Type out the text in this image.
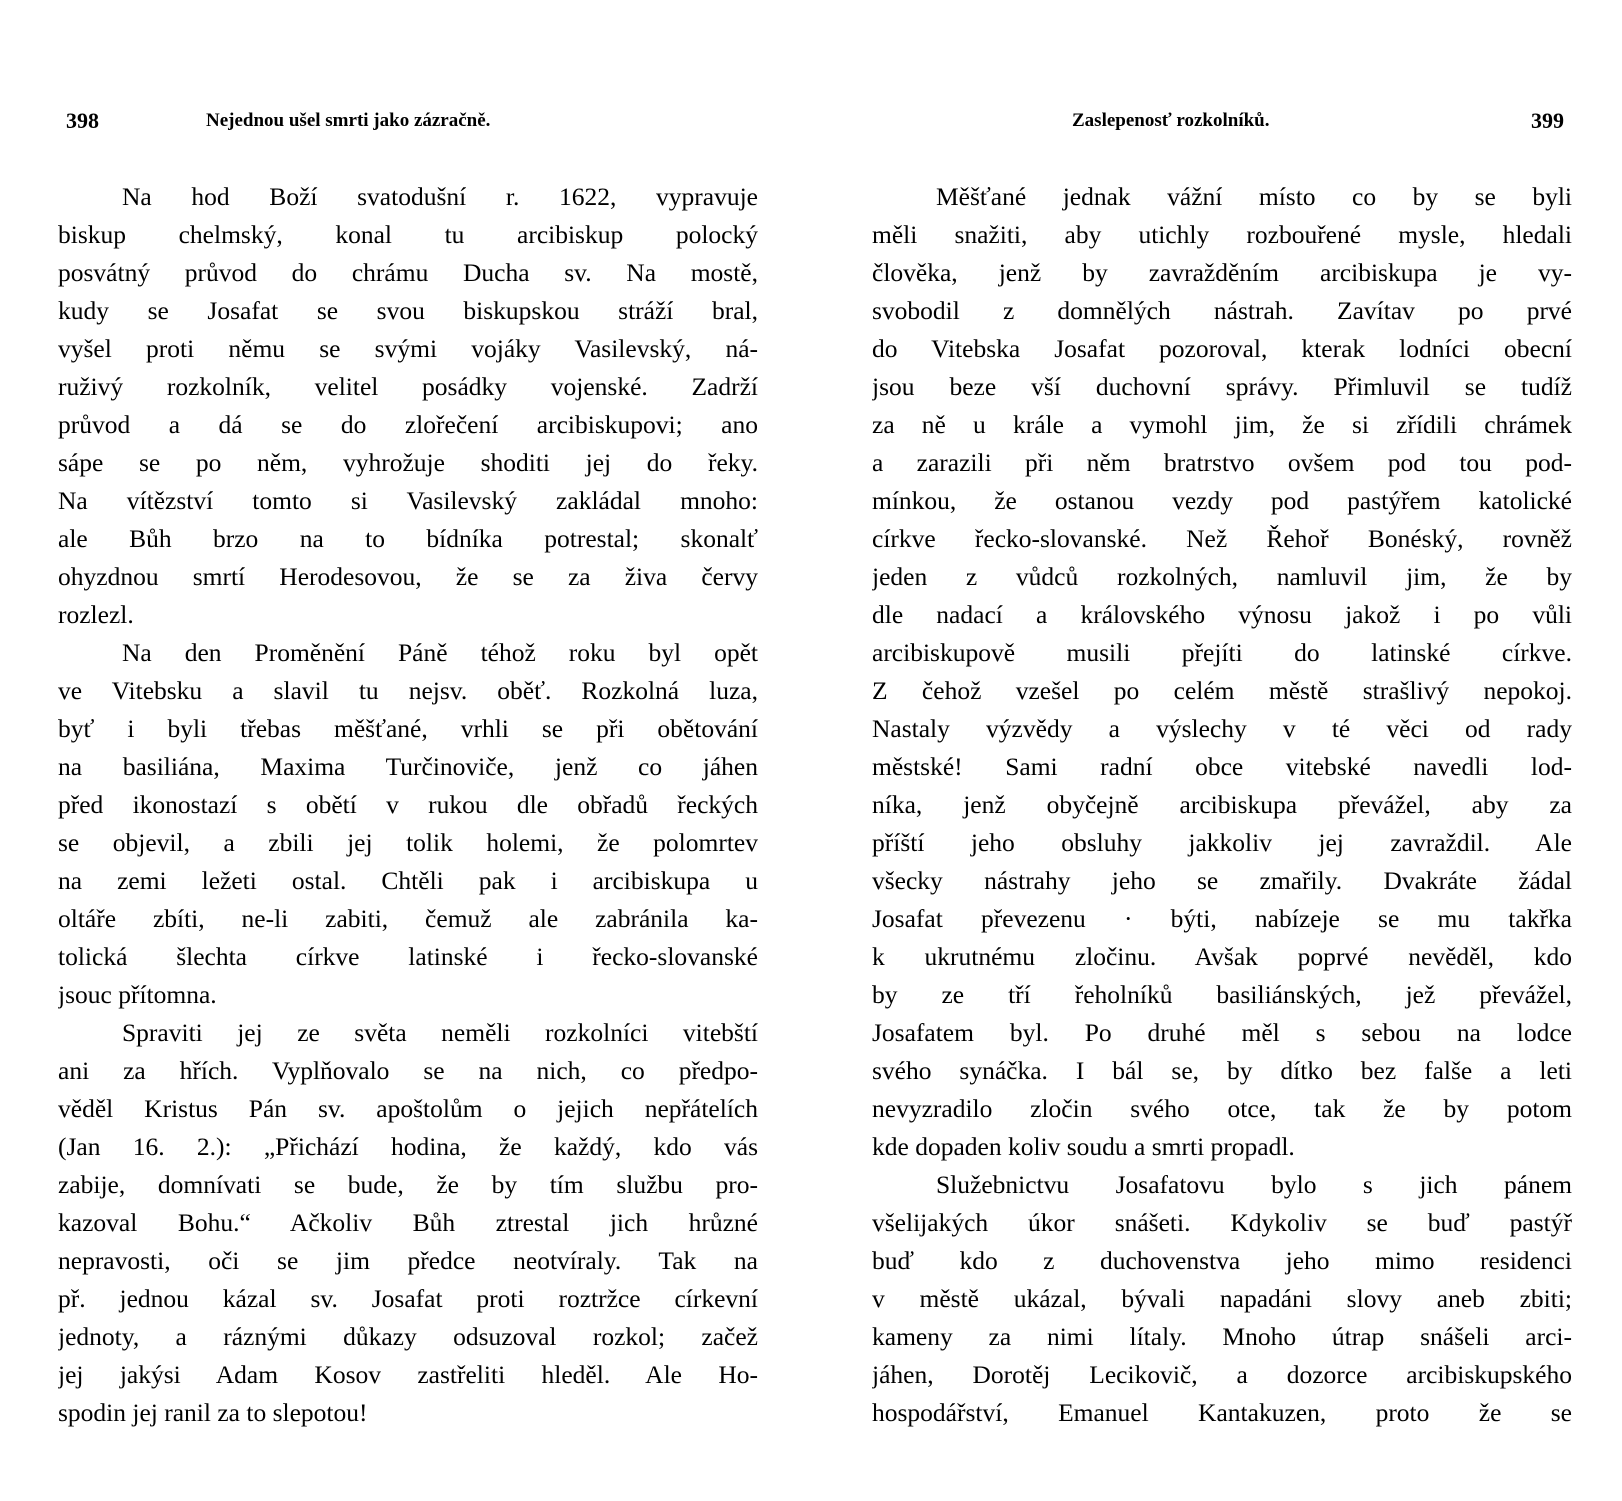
398	Nejednou ušel smrti jako zázračně.
Na hod Boží svatodušní r. 1622, vypravuje
biskup chelmský, konal tu arcibiskup polocký
posvátný průvod do chrámu Ducha sv. Na mostě,
kudy se Josafat se svou biskupskou stráží bral,
vyšel proti němu se svými vojáky Vasilevský, ná-
ruživý rozkolník, velitel posádky vojenské. Zadrží
průvod a dá se do zlořečení arcibiskupovi; ano
sápe se po něm, vyhrožuje shoditi jej do řeky.
Na vítězství tomto si Vasilevský zakládal mnoho:
ale Bůh brzo na to bídníka potrestal; skonalť
ohyzdnou smrtí Herodesovou, že se za živa červy
rozlezl.
Na den Proměnění Páně téhož roku byl opět
ve Vitebsku a slavil tu nejsv. oběť. Rozkolná luza,
byť i byli třebas měšťané, vrhli se při obětování
na basiliána, Maxima Turčinoviče, jenž co jáhen
před ikonostazí s obětí v rukou dle obřadů řeckých
se objevil, a zbili jej tolik holemi, že polomrtev
na zemi ležeti ostal. Chtěli pak i arcibiskupa u
oltáře zbíti, ne-li zabiti, čemuž ale zabránila ka-
tolická šlechta církve latinské i řecko-slovanské
jsouc přítomna.
Spraviti jej ze světa neměli rozkolníci vitebští
ani za hřích. Vyplňovalo se na nich, co předpo-
věděl Kristus Pán sv. apoštolům o jejich nepřátelích
(Jan 16. 2.): „Přichází hodina, že každý, kdo vás
zabije, domnívati se bude, že by tím službu pro-
kazoval Bohu.“ Ačkoliv Bůh ztrestal jich hrůzné
nepravosti, oči se jim předce neotvíraly. Tak na
př. jednou kázal sv. Josafat proti roztržce církevní
jednoty, a ráznými důkazy odsuzoval rozkol; začež
jej jakýsi Adam Kosov zastřeliti hleděl. Ale Ho-
spodin jej ranil za to slepotou!
Zaslepenosť rozkolníků.	399
Měšťané jednak vážní místo co by se byli
měli snažiti, aby utichly rozbouřené mysle, hledali
člověka, jenž by zavražděním arcibiskupa je vy-
svobodil z domnělých nástrah. Zavítav po prvé
do Vitebska Josafat pozoroval, kterak lodníci obecní
jsou beze vší duchovní správy. Přimluvil se tudíž
za ně u krále a vymohl jim, že si zřídili chrámek
a zarazili při něm bratrstvo ovšem pod tou pod-
mínkou, že ostanou vezdy pod pastýřem katolické
církve řecko-slovanské. Než Řehoř Bonéský, rovněž
jeden z vůdců rozkolných, namluvil jim, že by
dle nadací a královského výnosu jakož i po vůli
arcibiskupově musili přejíti do latinské církve.
Z čehož vzešel po celém městě strašlivý nepokoj.
Nastaly výzvědy a výslechy v té věci od rady
městské! Sami radní obce vitebské navedli lod-
níka, jenž obyčejně arcibiskupa převážel, aby za
příští jeho obsluhy jakkoliv jej zavraždil. Ale
všecky nástrahy jeho se zmařily. Dvakráte žádal
Josafat převezenu · býti, nabízeje se mu takřka
k ukrutnému zločinu. Avšak poprvé nevěděl, kdo
by ze tří řeholníků basiliánských, jež převážel,
Josafatem byl. Po druhé měl s sebou na lodce
svého synáčka. I bál se, by dítko bez falše a leti
nevyzradilo zločin svého otce, tak že by potom
kde dopaden koliv soudu a smrti propadl.
Služebnictvu Josafatovu bylo s jich pánem
všelijakých úkor snášeti. Kdykoliv se buď pastýř
buď kdo z duchovenstva jeho mimo residenci
v městě ukázal, bývali napadáni slovy aneb zbiti;
kameny za nimi lítaly. Mnoho útrap snášeli arci-
jáhen, Dorotěj Lecikovič, a dozorce arcibiskupského
hospodářství, Emanuel Kantakuzen, proto že se
